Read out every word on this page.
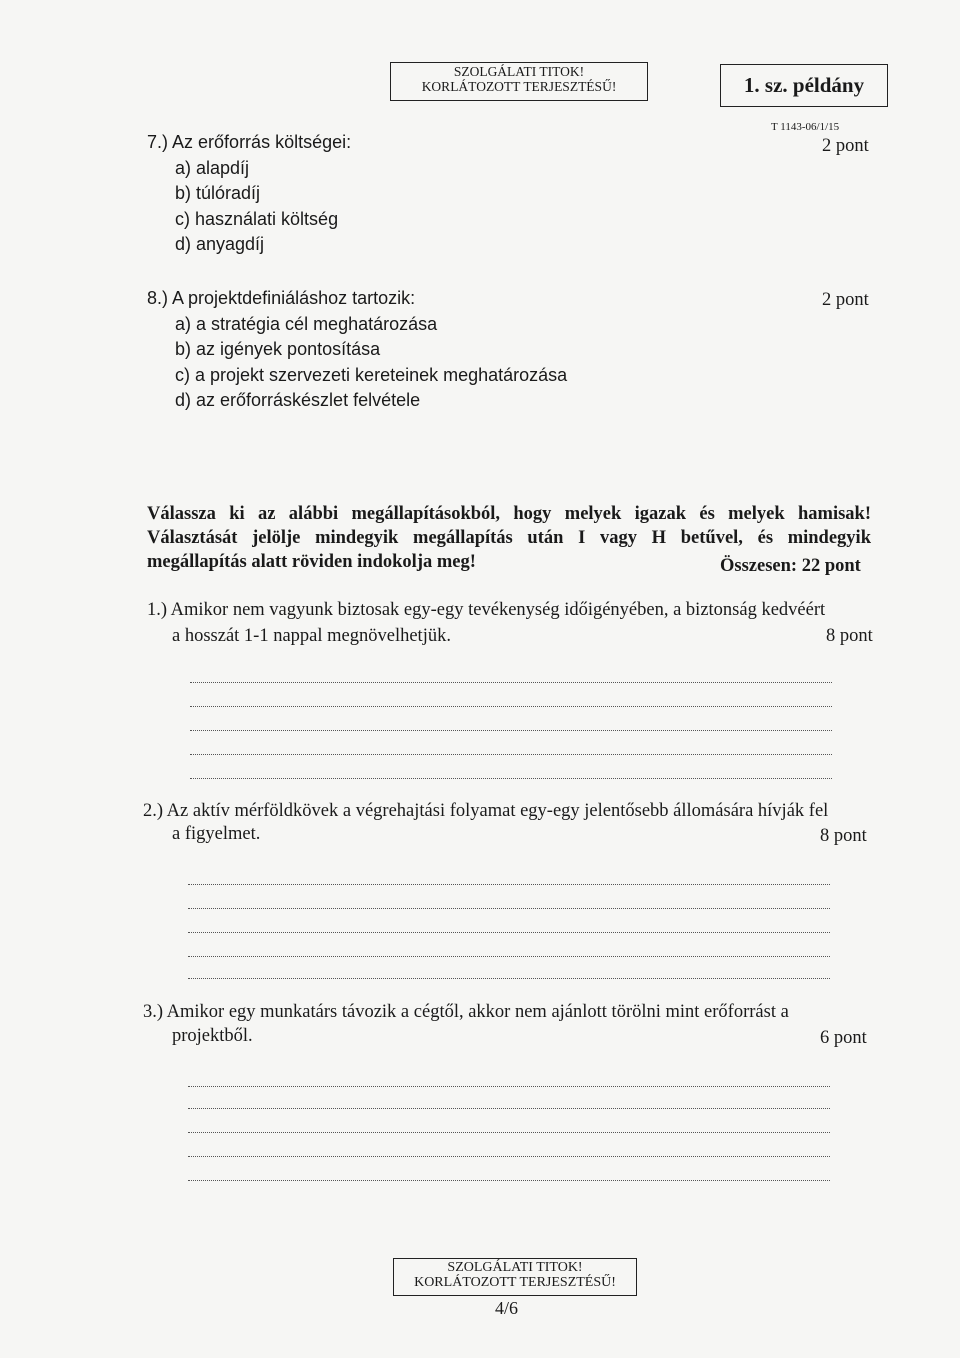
SZOLGÁLATI TITOK!
KORLÁTOZOTT TERJESZTÉSŰ!	1. sz. példány
T 1143-06/1/15
7.) Az erőforrás költségei:
a) alapdíj
b) túlóradíj
c) használati költség
d) anyagdíj
2 pont
8.) A projektdefiniáláshoz tartozik:
a) a stratégia cél meghatározása
b) az igények pontosítása
c) a projekt szervezeti kereteinek meghatározása
d) az erőforráskészlet felvétele
2 pont
Válassza ki az alábbi megállapításokból, hogy melyek igazak és melyek hamisak! Választását jelölje mindegyik megállapítás után I vagy H betűvel, és mindegyik megállapítás alatt röviden indokolja meg!	Összesen: 22 pont
1.) Amikor nem vagyunk biztosak egy-egy tevékenység időigényében, a biztonság kedvéért
a hosszát 1-1 nappal megnövelhetjük.	8 pont
2.) Az aktív mérföldkövek a végrehajtási folyamat egy-egy jelentősebb állomására hívják fel
a figyelmet.	8 pont
3.) Amikor egy munkatárs távozik a cégtől, akkor nem ajánlott törölni mint erőforrást a
projektből.	6 pont
SZOLGÁLATI TITOK!
KORLÁTOZOTT TERJESZTÉSŰ!
4/6
